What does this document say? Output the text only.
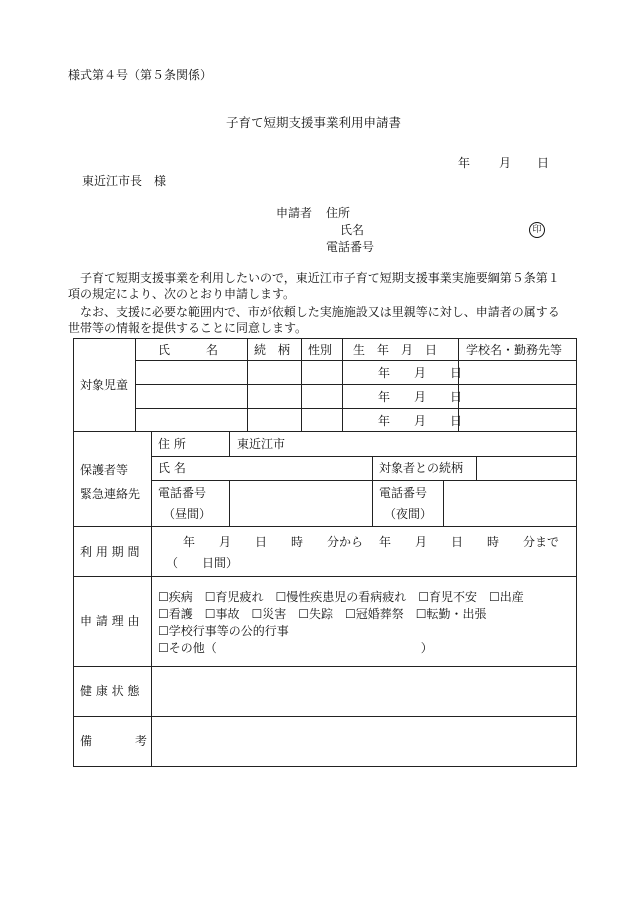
様式第４号（第５条関係）
子育て短期支援事業利用申請書
年 月 日
東近江市長　様
申請者 住所
氏名	印
電話番号
子育て短期支援事業を利用したいので，東近江市子育て短期支援事業実施要綱第５条第１項の規定により、次のとおり申請します。
なお、支援に必要な範囲内で、市が依頼した実施施設又は里親等に対し、申請者の属する世帯等の情報を提供することに同意します。
対象児童
氏　　　名	続　柄 性別 生　年　月　日 学校名・勤務先等
年　　月　　日
年　　月　　日
年　　月　　日
保護者等
緊急連絡先
住 所	東近江市
氏 名	対象者との続柄
電話番号
（昼間）
電話番号
（夜間）
利 用 期 間
年　　月　　日　　時　　分から 年　　月　　日　　時　　分まで
（　　日間）
申 請 理 由
☐疾病　☐育児疲れ　☐慢性疾患児の看病疲れ　☐育児不安　☐出産
☐看護　☐事故　☐災害　☐失踪　☐冠婚葬祭　☐転勤・出張
☐学校行事等の公的行事
☐その他（　　　　　　　　　　　　　　　　　）
健 康 状 態
備	考
